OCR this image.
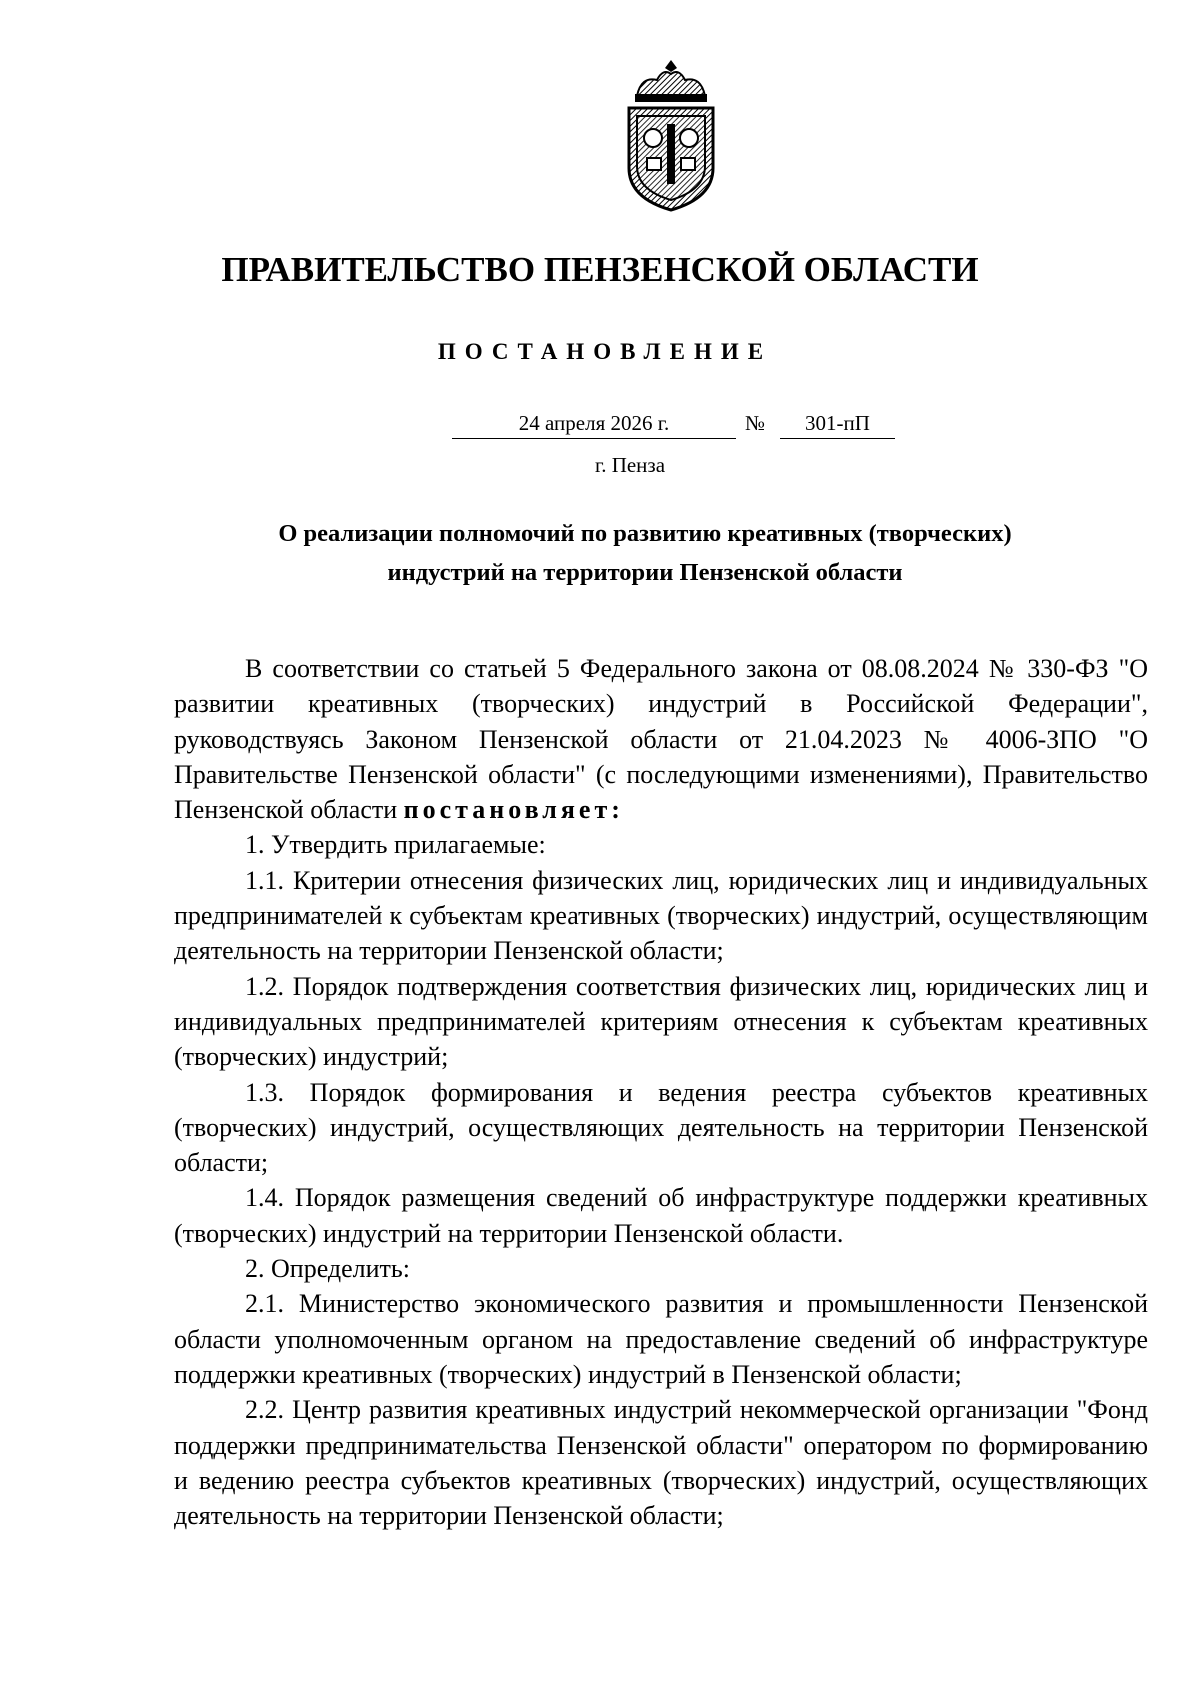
ПРАВИТЕЛЬСТВО ПЕНЗЕНСКОЙ ОБЛАСТИ
ПОСТАНОВЛЕНИЕ
24 апреля 2026 г.	№	301-пП
г. Пенза
О реализации полномочий по развитию креативных (творческих)
индустрий на территории Пензенской области

В соответствии со статьей 5 Федерального закона от 08.08.2024 № 330-ФЗ "О развитии креативных (творческих) индустрий в Российской Федерации", руководствуясь Законом Пензенской области от 21.04.2023 № 4006-ЗПО "О Правительстве Пензенской области" (с последующими изменениями), Правительство Пензенской области постановляет:

1. Утвердить прилагаемые:

1.1. Критерии отнесения физических лиц, юридических лиц и индивидуальных предпринимателей к субъектам креативных (творческих) индустрий, осуществляющим деятельность на территории Пензенской области;

1.2. Порядок подтверждения соответствия физических лиц, юридических лиц и индивидуальных предпринимателей критериям отнесения к субъектам креативных (творческих) индустрий;

1.3. Порядок формирования и ведения реестра субъектов креативных (творческих) индустрий, осуществляющих деятельность на территории Пензенской области;

1.4. Порядок размещения сведений об инфраструктуре поддержки креативных (творческих) индустрий на территории Пензенской области.

2. Определить:

2.1. Министерство экономического развития и промышленности Пензенской области уполномоченным органом на предоставление сведений об инфраструктуре поддержки креативных (творческих) индустрий в Пензенской области;

2.2. Центр развития креативных индустрий некоммерческой организации "Фонд поддержки предпринимательства Пензенской области" оператором по формированию и ведению реестра субъектов креативных (творческих) индустрий, осуществляющих деятельность на территории Пензенской области;
